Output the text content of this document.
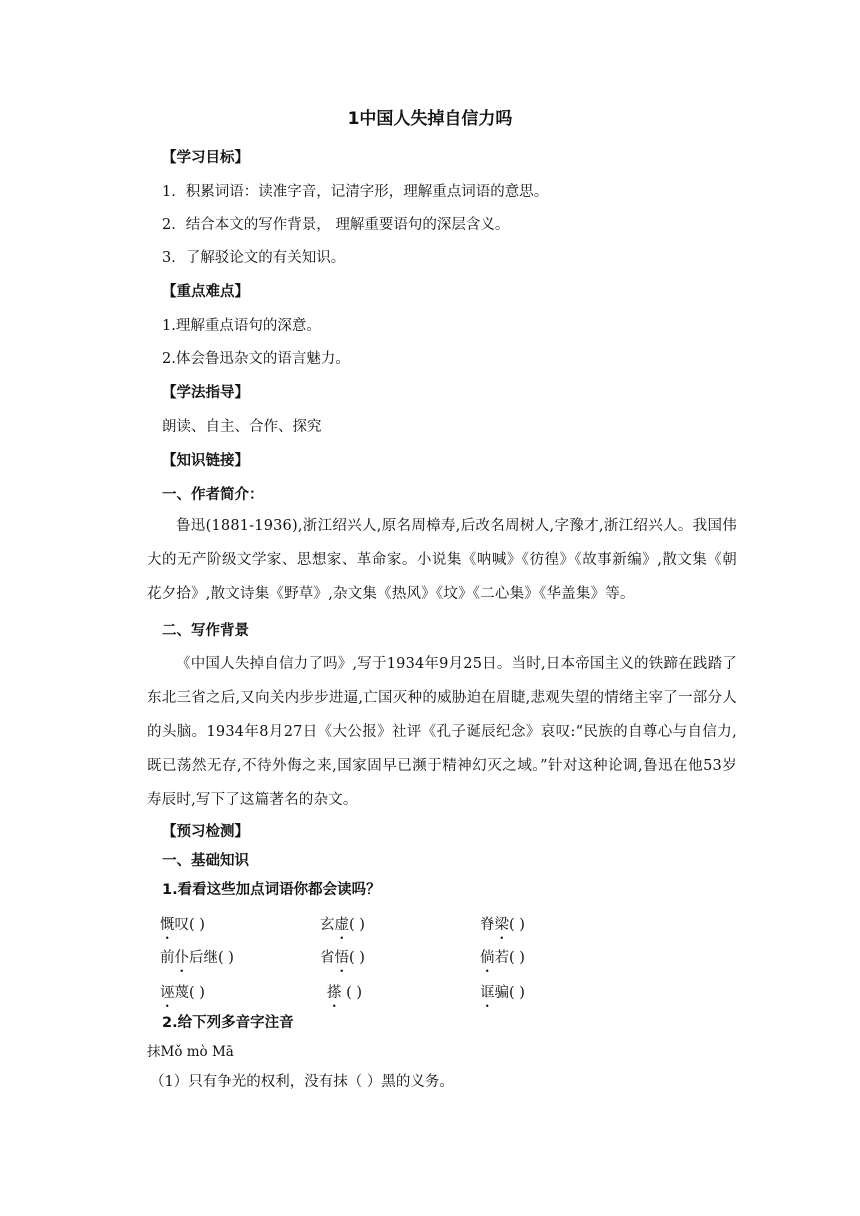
1中国人失掉自信力吗
【学习目标】
1．积累词语：读准字音，记清字形，理解重点词语的意思。
2．结合本文的写作背景， 理解重要语句的深层含义。
3．了解驳论文的有关知识。
【重点难点】
1.理解重点语句的深意。
2.体会鲁迅杂文的语言魅力。
【学法指导】
朗读、自主、合作、探究
【知识链接】
一、作者简介：
鲁迅(1881-1936),浙江绍兴人,原名周樟寿,后改名周树人,字豫才,浙江绍兴人。我国伟大的无产阶级文学家、思想家、革命家。小说集《呐喊》《彷徨》《故事新编》,散文集《朝花夕拾》,散文诗集《野草》,杂文集《热风》《坟》《二心集》《华盖集》等。
二、写作背景
《中国人失掉自信力了吗》,写于1934年9月25日。当时,日本帝国主义的铁蹄在践踏了东北三省之后,又向关内步步进逼,亡国灭种的威胁迫在眉睫,悲观失望的情绪主宰了一部分人的头脑。1934年8月27日《大公报》社评《孔子诞辰纪念》哀叹:“民族的自尊心与自信力,既已荡然无存,不待外侮之来,国家固早已濒于精神幻灭之域。”针对这种论调,鲁迅在他53岁寿辰时,写下了这篇著名的杂文。
【预习检测】
一、基础知识
1.看看这些加点词语你都会读吗？
慨叹( )	玄虚( )	脊梁( )
前仆后继( )	省悟( )	倘若( )
诬蔑( )	搽 ( )	诓骗( )
2.给下列多音字注音
抹Mǒ mò Mā
（1）只有争光的权利，没有抹（ ）黑的义务。
